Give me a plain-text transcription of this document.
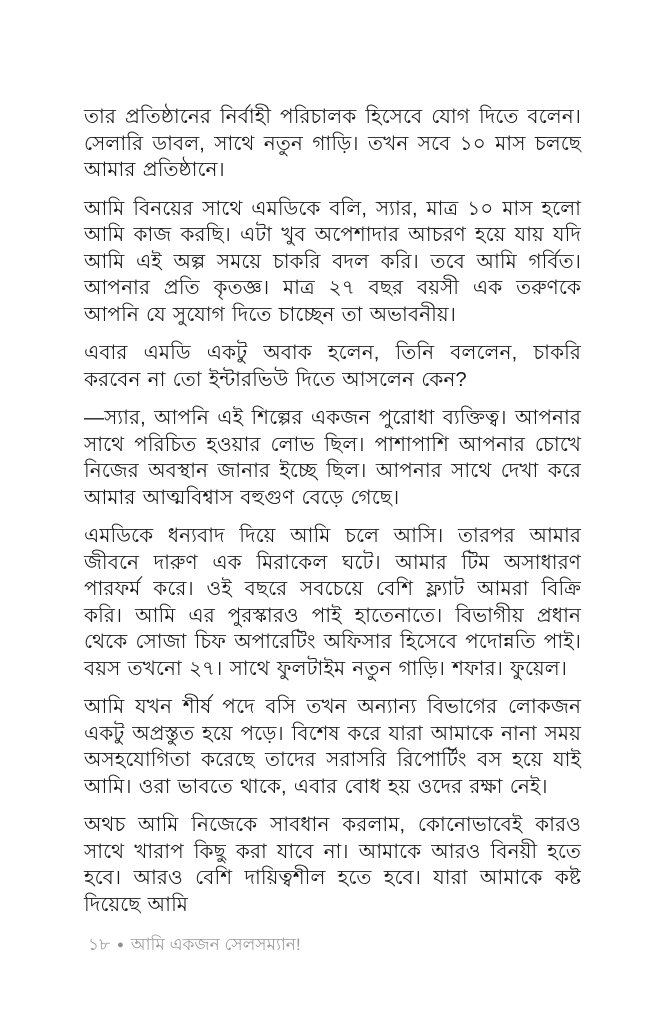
তার প্রতিষ্ঠানের নির্বাহী পরিচালক হিসেবে যোগ দিতে বলেন। সেলারি ডাবল, সাথে নতুন গাড়ি। তখন সবে ১০ মাস চলছে আমার প্রতিষ্ঠানে।

আমি বিনয়ের সাথে এমডিকে বলি, স্যার, মাত্র ১০ মাস হলো আমি কাজ করছি। এটা খুব অপেশাদার আচরণ হয়ে যায় যদি আমি এই অল্প সময়ে চাকরি বদল করি। তবে আমি গর্বিত। আপনার প্রতি কৃতজ্ঞ। মাত্র ২৭ বছর বয়সী এক তরুণকে আপনি যে সুযোগ দিতে চাচ্ছেন তা অভাবনীয়।

এবার এমডি একটু অবাক হলেন, তিনি বললেন, চাকরি করবেন না তো ইন্টারভিউ দিতে আসলেন কেন?

—স্যার, আপনি এই শিল্পের একজন পুরোধা ব্যক্তিত্ব। আপনার সাথে পরিচিত হওয়ার লোভ ছিল। পাশাপাশি আপনার চোখে নিজের অবস্থান জানার ইচ্ছে ছিল। আপনার সাথে দেখা করে আমার আত্মবিশ্বাস বহুগুণ বেড়ে গেছে।

এমডিকে ধন্যবাদ দিয়ে আমি চলে আসি। তারপর আমার জীবনে দারুণ এক মিরাকেল ঘটে। আমার টিম অসাধারণ পারফর্ম করে। ওই বছরে সবচেয়ে বেশি ফ্ল্যাট আমরা বিক্রি করি। আমি এর পুরস্কারও পাই হাতেনাতে। বিভাগীয় প্রধান থেকে সোজা চিফ অপারেটিং অফিসার হিসেবে পদোন্নতি পাই। বয়স তখনো ২৭। সাথে ফুলটাইম নতুন গাড়ি। শফার। ফুয়েল।

আমি যখন শীর্ষ পদে বসি তখন অন্যান্য বিভাগের লোকজন একটু অপ্রস্তুত হয়ে পড়ে। বিশেষ করে যারা আমাকে নানা সময় অসহযোগিতা করেছে তাদের সরাসরি রিপোর্টিং বস হয়ে যাই আমি। ওরা ভাবতে থাকে, এবার বোধ হয় ওদের রক্ষা নেই।

অথচ আমি নিজেকে সাবধান করলাম, কোনোভাবেই কারও সাথে খারাপ কিছু করা যাবে না। আমাকে আরও বিনয়ী হতে হবে। আরও বেশি দায়িত্বশীল হতে হবে। যারা আমাকে কষ্ট দিয়েছে আমি

১৮ ● আমি একজন সেলসম্যান!
